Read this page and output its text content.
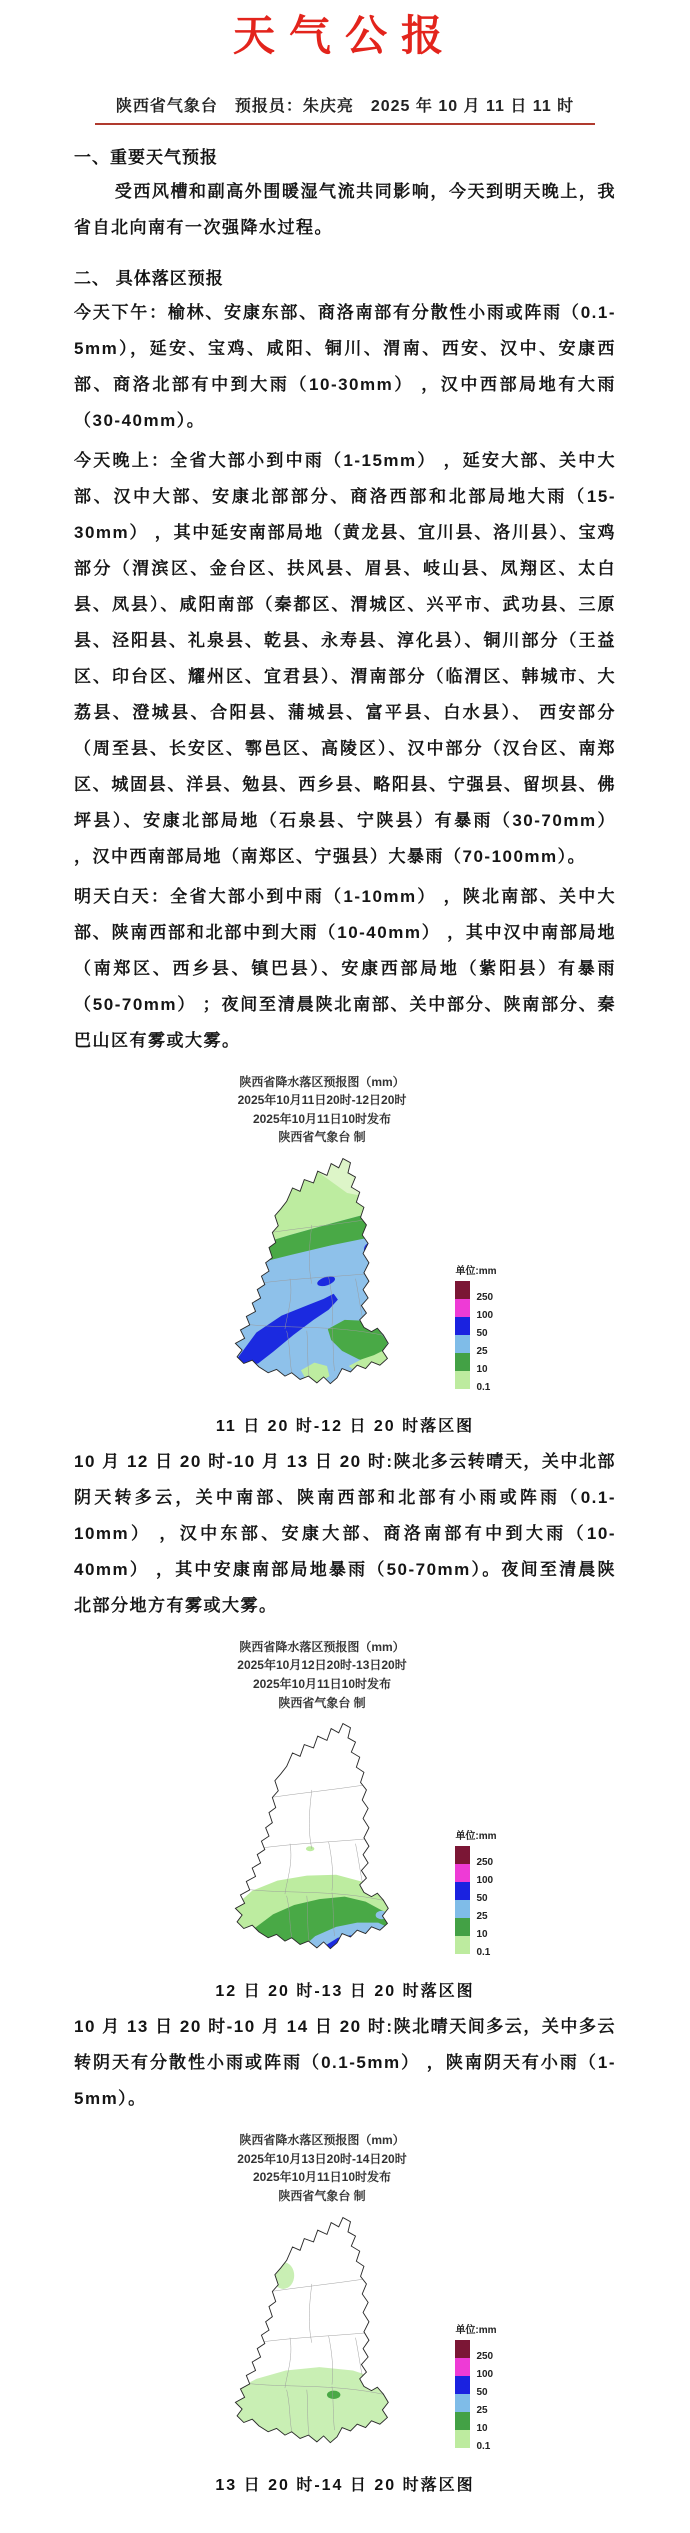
天气公报
陕西省气象台　预报员：朱庆亮　2025 年 10 月 11 日 11 时
一、重要天气预报

受西风槽和副高外围暖湿气流共同影响，今天到明天晚上，我省自北向南有一次强降水过程。

二、 具体落区预报

今天下午：榆林、安康东部、商洛南部有分散性小雨或阵雨（0.1-5mm），延安、宝鸡、咸阳、铜川、渭南、西安、汉中、安康西部、商洛北部有中到大雨（10-30mm） ，汉中西部局地有大雨（30-40mm）。

今天晚上：全省大部小到中雨（1-15mm） ，延安大部、关中大部、汉中大部、安康北部部分、商洛西部和北部局地大雨（15-30mm） ，其中延安南部局地（黄龙县、宜川县、洛川县）、宝鸡部分（渭滨区、金台区、扶风县、眉县、岐山县、凤翔区、太白县、凤县）、咸阳南部（秦都区、渭城区、兴平市、武功县、三原县、泾阳县、礼泉县、乾县、永寿县、淳化县）、铜川部分（王益区、印台区、耀州区、宜君县）、渭南部分（临渭区、韩城市、大荔县、澄城县、合阳县、蒲城县、富平县、白水县）、 西安部分（周至县、长安区、鄠邑区、高陵区）、汉中部分（汉台区、南郑区、城固县、洋县、勉县、西乡县、略阳县、宁强县、留坝县、佛坪县）、安康北部局地（石泉县、宁陕县）有暴雨（30-70mm） ，汉中西南部局地（南郑区、宁强县）大暴雨（70-100mm）。

明天白天：全省大部小到中雨（1-10mm） ，陕北南部、关中大部、陕南西部和北部中到大雨（10-40mm） ，其中汉中南部局地（南郑区、西乡县、镇巴县）、安康西部局地（紫阳县）有暴雨（50-70mm） ；夜间至清晨陕北南部、关中部分、陕南部分、秦巴山区有雾或大雾。

陕西省降水落区预报图（mm）
2025年10月11日20时-12日20时
2025年10月11日10时发布
陕西省气象台 制
单位:mm
250
100
50
25
10
0.1

11 日 20 时-12 日 20 时落区图

10 月 12 日 20 时-10 月 13 日 20 时:陕北多云转晴天，关中北部阴天转多云，关中南部、陕南西部和北部有小雨或阵雨（0.1-10mm） ，汉中东部、安康大部、商洛南部有中到大雨（10-40mm） ，其中安康南部局地暴雨（50-70mm）。夜间至清晨陕北部分地方有雾或大雾。

陕西省降水落区预报图（mm）
2025年10月12日20时-13日20时
2025年10月11日10时发布
陕西省气象台 制
单位:mm
250
100
50
25
10
0.1

12 日 20 时-13 日 20 时落区图

10 月 13 日 20 时-10 月 14 日 20 时:陕北晴天间多云，关中多云转阴天有分散性小雨或阵雨（0.1-5mm） ，陕南阴天有小雨（1-5mm）。

陕西省降水落区预报图（mm）
2025年10月13日20时-14日20时
2025年10月11日10时发布
陕西省气象台 制
单位:mm
250
100
50
25
10
0.1

13 日 20 时-14 日 20 时落区图
